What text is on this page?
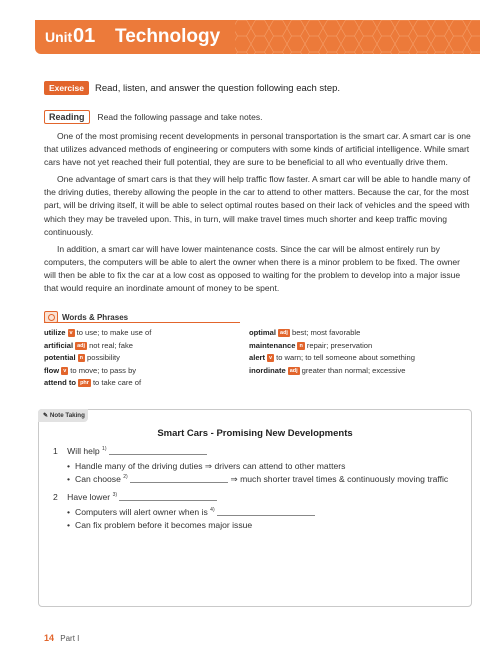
Unit 01 Technology
Exercise	Read, listen, and answer the question following each step.
Reading	Read the following passage and take notes.

One of the most promising recent developments in personal transportation is the smart car. A smart car is one that utilizes advanced methods of engineering or computers with some kinds of artificial intelligence. While smart cars have not yet reached their full potential, they are sure to be beneficial to all who eventually drive them.

One advantage of smart cars is that they will help traffic flow faster. A smart car will be able to handle many of the driving duties, thereby allowing the people in the car to attend to other matters. Because the car, for the most part, will be driving itself, it will be able to select optimal routes based on their lack of vehicles and the speed with which they may be traveled upon. This, in turn, will make travel times much shorter and keep traffic moving continuously.

In addition, a smart car will have lower maintenance costs. Since the car will be almost entirely run by computers, the computers will be able to alert the owner when there is a minor problem to be fixed. The owner will then be able to fix the car at a low cost as opposed to waiting for the problem to develop into a major issue that would require an inordinate amount of money to be spent.

Words & Phrases
utilize v to use; to make use of
artificial adj not real; fake
potential n possibility
flow v to move; to pass by
attend to phr to take care of
optimal adj best; most favorable
maintenance n repair; preservation
alert v to warn; to tell someone about something
inordinate adj greater than normal; excessive
✎ Note Taking
Smart Cars - Promising New Developments
1 Will help $^{1)}$
• Handle many of the driving duties ⇒ drivers can attend to other matters
• Can choose $^{2)}$	⇒ much shorter travel times & continuously moving traffic
2 Have lower $^{3)}$
• Computers will alert owner when is $^{4)}$
• Can fix problem before it becomes major issue
14 Part I
